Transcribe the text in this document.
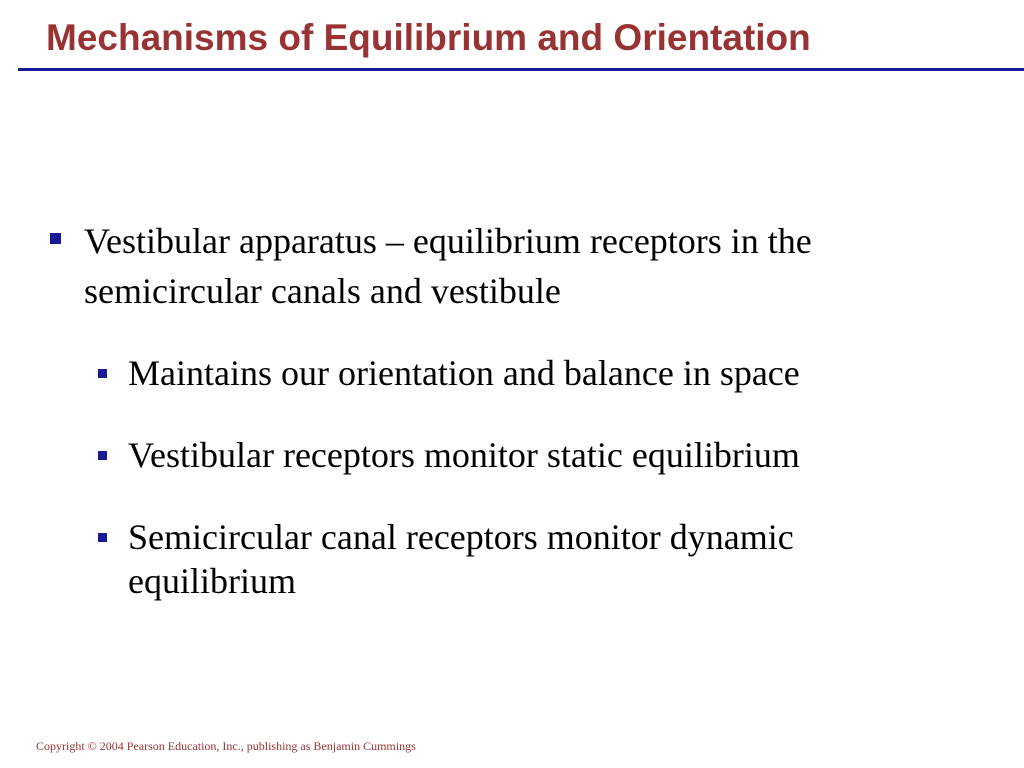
Mechanisms of Equilibrium and Orientation
Vestibular apparatus – equilibrium receptors in the semicircular canals and vestibule
Maintains our orientation and balance in space
Vestibular receptors monitor static equilibrium
Semicircular canal receptors monitor dynamic equilibrium
Copyright © 2004 Pearson Education, Inc., publishing as Benjamin Cummings
